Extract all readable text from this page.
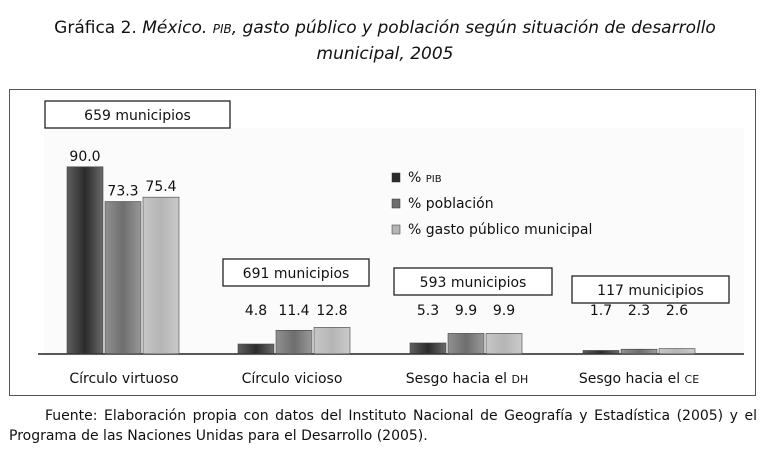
Gráfica 2. México. PIB, gasto público y población según situación de desarrollo
municipal, 2005
90.0
4.8	5.3	1.7
73.3
11.4	9.9	2.3
75.4
12.8	9.9	2.6
659 municipios
691 municipios
593 municipios	117 municipios
Círculo virtuoso	Círculo vicioso	Sesgo hacia el DH	Sesgo hacia el CE
% PIB
% población
% gasto público municipal
Fuente: Elaboración propia con datos del Instituto Nacional de Geografía y Estadística (2005) y el Programa de las Naciones Unidas para el Desarrollo (2005).
